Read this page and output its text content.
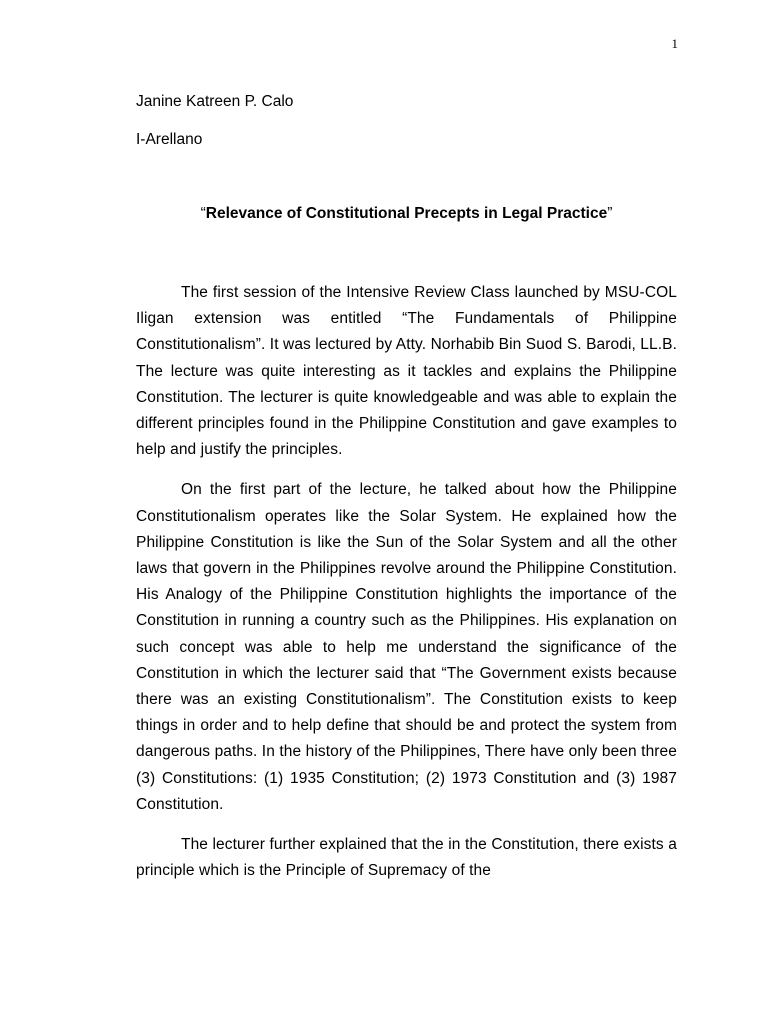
1
Janine Katreen P. Calo
I-Arellano
“Relevance of Constitutional Precepts in Legal Practice”

The first session of the Intensive Review Class launched by MSU-COL Iligan extension was entitled “The Fundamentals of Philippine Constitutionalism”. It was lectured by Atty. Norhabib Bin Suod S. Barodi, LL.B. The lecture was quite interesting as it tackles and explains the Philippine Constitution. The lecturer is quite knowledgeable and was able to explain the different principles found in the Philippine Constitution and gave examples to help and justify the principles.

On the first part of the lecture, he talked about how the Philippine Constitutionalism operates like the Solar System. He explained how the Philippine Constitution is like the Sun of the Solar System and all the other laws that govern in the Philippines revolve around the Philippine Constitution. His Analogy of the Philippine Constitution highlights the importance of the Constitution in running a country such as the Philippines. His explanation on such concept was able to help me understand the significance of the Constitution in which the lecturer said that “The Government exists because there was an existing Constitutionalism”. The Constitution exists to keep things in order and to help define that should be and protect the system from dangerous paths. In the history of the Philippines, There have only been three (3) Constitutions: (1) 1935 Constitution; (2) 1973 Constitution and (3) 1987 Constitution.

The lecturer further explained that the in the Constitution, there exists a principle which is the Principle of Supremacy of the
